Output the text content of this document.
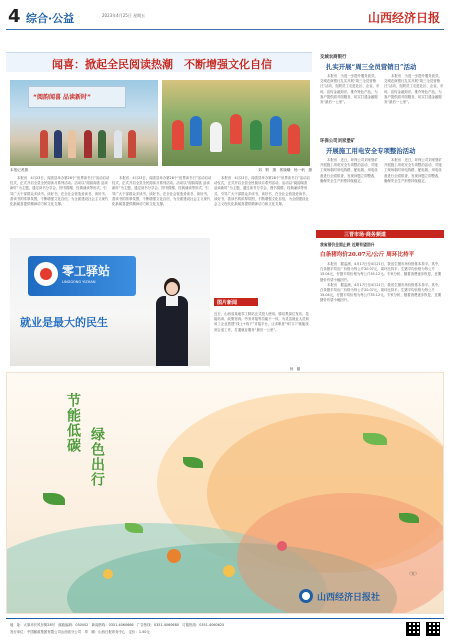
4 综合·公益	2023年4月25日 星期五	山西经济日报
闻喜：掀起全民阅读热潮　不断增强文化自信
“阅韵闻喜 品读新时”
本报记者摄	刘　钢　摄　郭晓曦　杨一帆　摄

本报讯　4月23日，闻喜县举办第28个“世界读书日”活动启动仪式，正式开启全县全民阅读月系列活动。活动以“阅韵闻喜 品读新时”为主题，通过读书分享会、图书捐赠、经典诵读等形式，引导广大干部群众多读书、读好书，在全社会营造爱读书、读好书、善读书的浓厚氛围，不断增强文化自信，为全面建设社会主义现代化新闻喜提供精神动力和文化支撑。

本报讯　4月23日，闻喜县举办第28个“世界读书日”活动启动仪式，正式开启全县全民阅读月系列活动。活动以“阅韵闻喜 品读新时”为主题，通过读书分享会、图书捐赠、经典诵读等形式，引导广大干部群众多读书、读好书，在全社会营造爱读书、读好书、善读书的浓厚氛围，不断增强文化自信，为全面建设社会主义现代化新闻喜提供精神动力和文化支撑。

本报讯　4月23日，闻喜县举办第28个“世界读书日”活动启动仪式，正式开启全县全民阅读月系列活动。活动以“阅韵闻喜 品读新时”为主题，通过读书分享会、图书捐赠、经典诵读等形式，引导广大干部群众多读书、读好书，在全社会营造爱读书、读好书、善读书的浓厚氛围，不断增强文化自信，为全面建设社会主义现代化新闻喜提供精神动力和文化支撑。

零工驿站
LINGGONG YIZHAN
就业是最大的民生
图片新闻
近日，山西省某地零工驿站正式投入使用。驿站集岗位发布、技能培训、政策咨询、劳务对接等功能于一体，为灵活就业人员和用工企业搭建“线上+线下”对接平台，让求职者“家门口”就能找到合适工作，打通就业服务“最后一公里”。
杨　璐
交城农商银行
扎实开展“周三全员营销日”活动

本报讯　为进一步提升服务质效，交城农商银行扎实开展“周三全员营销日”活动，组织员工走进社区、企业、市场，宣传金融知识，推介特色产品，为客户提供面对面服务，切实打通金融服务“最后一公里”。

本报讯　为进一步提升服务质效，交城农商银行扎实开展“周三全员营销日”活动，组织员工走进社区、企业、市场，宣传金融知识，推介特色产品，为客户提供面对面服务，切实打通金融服务“最后一公里”。

环保公司刘家堡矿
开展施工用电安全专项整治活动

本报讯　近日，环保公司刘家堡矿开展施工用电安全专项整治活动，对施工现场临时用电线路、配电箱、用电设备进行全面排查，发现问题立即整改，确保安全生产形势持续稳定。

本报讯　近日，环保公司刘家堡矿开展施工用电安全专项整治活动，对施工现场临时用电线路、配电箱、用电设备进行全面排查，发现问题立即整改，确保安全生产形势持续稳定。

三晋市场·商务频道
我省猪价全面止跌 近期有望回升
白条猪均价20.07元/公斤 周环比持平

本报讯　据监测，4月17日至4月21日，我省生猪市场价格基本持平。其中，白条猪平均出厂价格为每公斤20.07元，周环比持平；生猪平均价格为每公斤15.04元，仔猪平均价格为每公斤35.12元。专家分析，随着消费逐步恢复，近期猪价有望小幅回升。

本报讯　据监测，4月17日至4月21日，我省生猪市场价格基本持平。其中，白条猪平均出厂价格为每公斤20.07元，周环比持平；生猪平均价格为每公斤15.04元，仔猪平均价格为每公斤35.12元。专家分析，随着消费逐步恢复，近期猪价有望小幅回升。

节能低碳
绿色出行
（宣）
山西经济日报社
地　址：太原市长风东街28号　邮政编码：030002　新闻热线：0351-4060666　广告热线：0351-4060680　订阅热线：0351-4060625
发行单位：中国邮政集团有限公司山西省分公司　印　刷：山西日报印务中心　定价：1.50元
